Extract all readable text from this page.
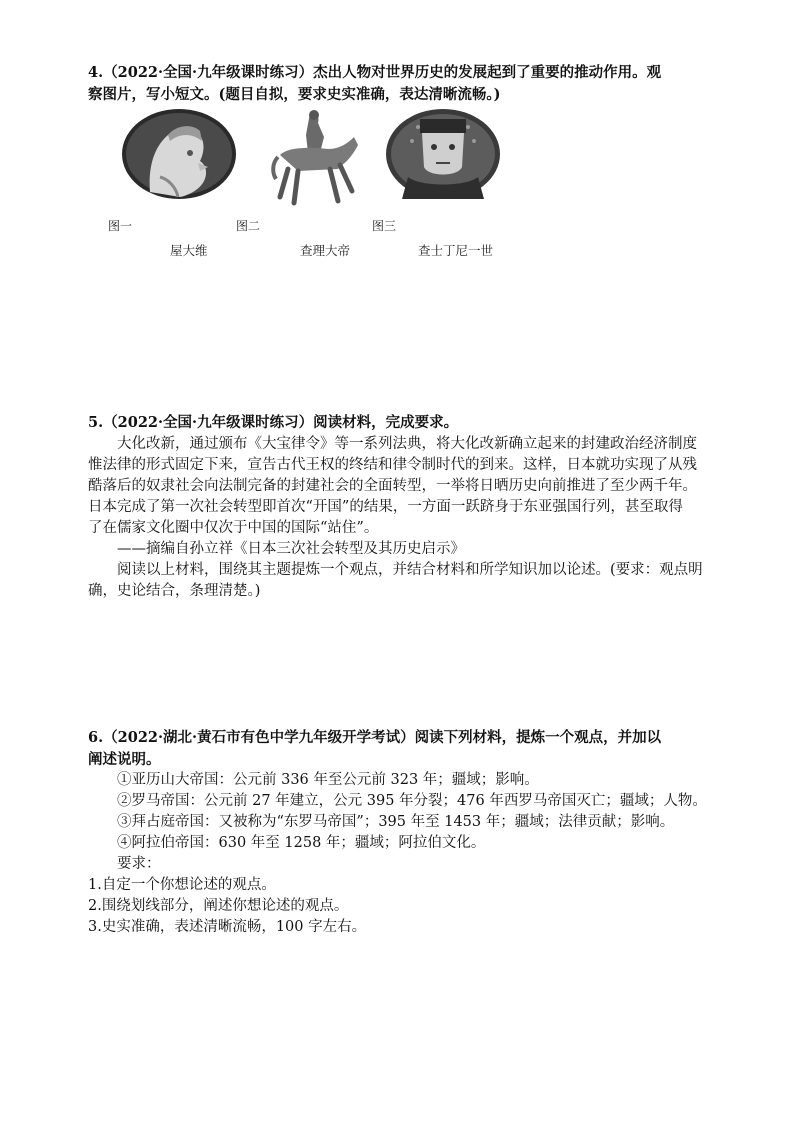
4.（2022·全国·九年级课时练习）杰出人物对世界历史的发展起到了重要的推动作用。观
察图片，写小短文。(题目自拟，要求史实准确，表达清晰流畅。)
图一	图二	图三
屋大维	查理大帝	查士丁尼一世
5.（2022·全国·九年级课时练习）阅读材料，完成要求。
大化改新，通过颁布《大宝律令》等一系列法典，将大化改新确立起来的封建政治经济制度
惟法律的形式固定下来，宣告古代王权的终结和律令制时代的到来。这样，日本就功实现了从残
酷落后的奴隶社会向法制完备的封建社会的全面转型，一举将日晒历史向前推进了至少两千年。
日本完成了第一次社会转型即首次“开国”的结果，一方面一跃跻身于东亚强国行列，甚至取得
了在儒家文化圈中仅次于中国的国际“站住”。
——摘编自孙立祥《日本三次社会转型及其历史启示》
阅读以上材料，围绕其主题提炼一个观点，并结合材料和所学知识加以论述。(要求：观点明
确，史论结合，条理清楚。)
6.（2022·湖北·黄石市有色中学九年级开学考试）阅读下列材料，提炼一个观点，并加以
阐述说明。
①亚历山大帝国：公元前 336 年至公元前 323 年；疆域；影响。
②罗马帝国：公元前 27 年建立，公元 395 年分裂；476 年西罗马帝国灭亡；疆域；人物。
③拜占庭帝国：又被称为“东罗马帝国”；395 年至 1453 年；疆域；法律贡献；影响。
④阿拉伯帝国：630 年至 1258 年；疆域；阿拉伯文化。
要求：
1.自定一个你想论述的观点。
2.围绕划线部分，阐述你想论述的观点。
3.史实准确，表述清晰流畅，100 字左右。
